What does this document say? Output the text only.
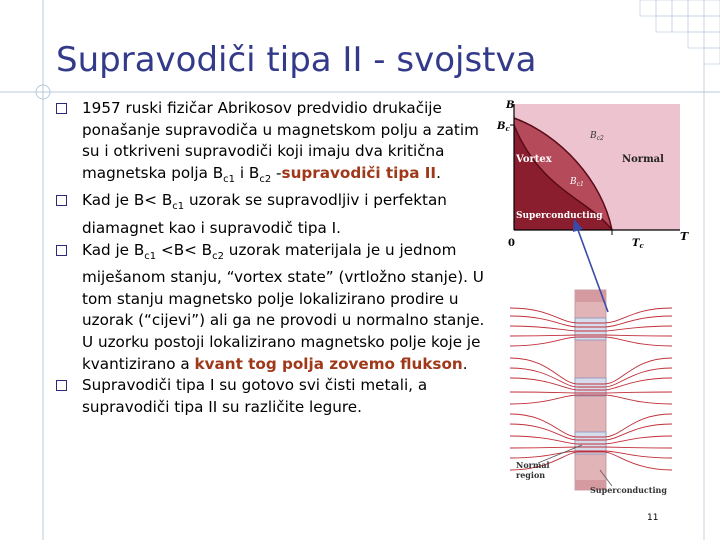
Supravodiči tipa II - svojstva
1957 ruski fizičar Abrikosov predvidio drukačije ponašanje supravodiča u magnetskom polju a zatim su i otkriveni supravodiči koji imaju dva kritična magnetska polja $B_{c1}$ i $B_{c2}$ -supravodiči tipa II.
Kad je $B< B_{c1}$ uzorak se supravodljiv i perfektan diamagnet kao i supravodič tipa I.
Kad je $B_{c1} <B< B_{c2}$ uzorak materijala je u jednom miješanom stanju, “vortex state” (vrtložno stanje). U tom stanju magnetsko polje lokalizirano prodire u uzorak (“cijevi”) ali ga ne provodi u normalno stanje. U uzorku postoji lokalizirano magnetsko polje koje je kvantizirano a kvant tog polja zovemo flukson.
Supravodiči tipa I su gotovo svi čisti metali, a supravodiči tipa II su različite legure.
B
$B_c$
0	$T_c$
T
$B_{c2}$
$B_{c1}$
Vortex	Normal
Superconducting
Normal region
Superconducting
11
